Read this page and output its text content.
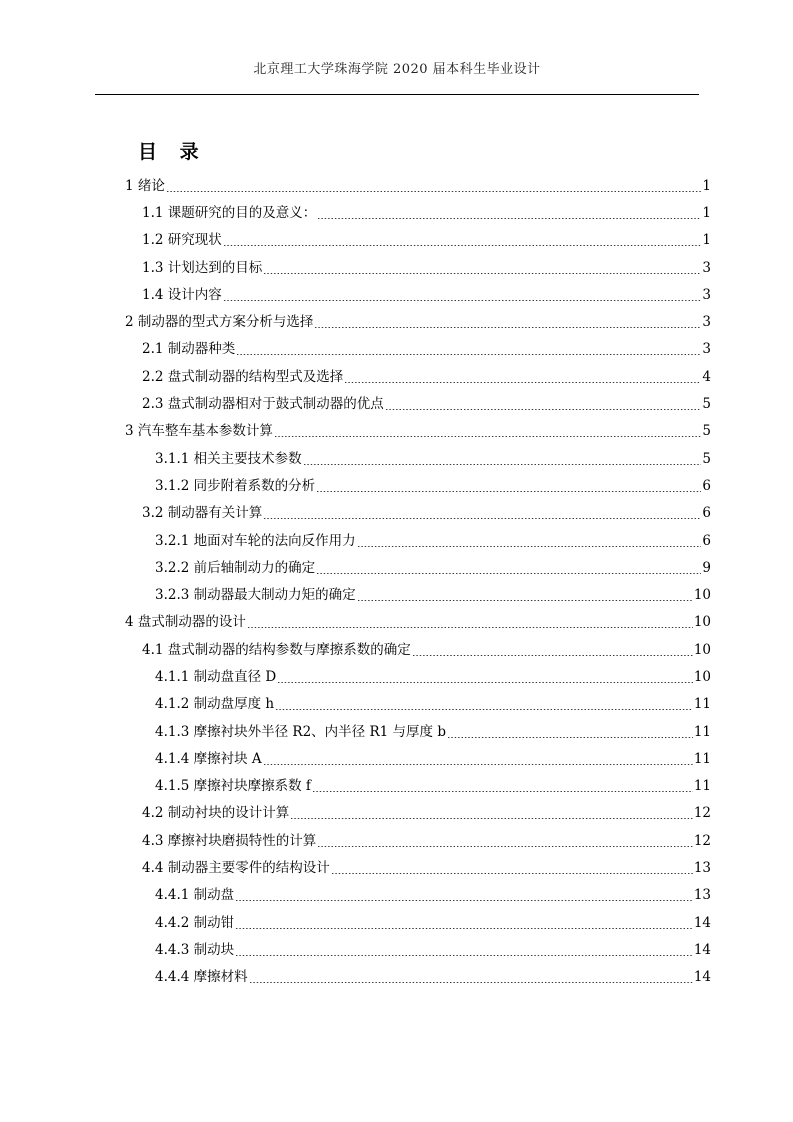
北京理工大学珠海学院 2020 届本科生毕业设计
目 录
1 绪论	1
1.1 课题研究的目的及意义：	1
1.2 研究现状	1
1.3 计划达到的目标	3
1.4 设计内容	3
2 制动器的型式方案分析与选择	3
2.1 制动器种类	3
2.2 盘式制动器的结构型式及选择	4
2.3 盘式制动器相对于鼓式制动器的优点	5
3 汽车整车基本参数计算	5
3.1.1 相关主要技术参数	5
3.1.2 同步附着系数的分析	6
3.2 制动器有关计算	6
3.2.1 地面对车轮的法向反作用力	6
3.2.2 前后轴制动力的确定	9
3.2.3 制动器最大制动力矩的确定	10
4 盘式制动器的设计	10
4.1 盘式制动器的结构参数与摩擦系数的确定	10
4.1.1 制动盘直径 D	10
4.1.2 制动盘厚度 h	11
4.1.3 摩擦衬块外半径 R2、内半径 R1 与厚度 b	11
4.1.4 摩擦衬块 A	11
4.1.5 摩擦衬块摩擦系数 f	11
4.2 制动衬块的设计计算	12
4.3 摩擦衬块磨损特性的计算	12
4.4 制动器主要零件的结构设计	13
4.4.1 制动盘	13
4.4.2 制动钳	14
4.4.3 制动块	14
4.4.4 摩擦材料	14
